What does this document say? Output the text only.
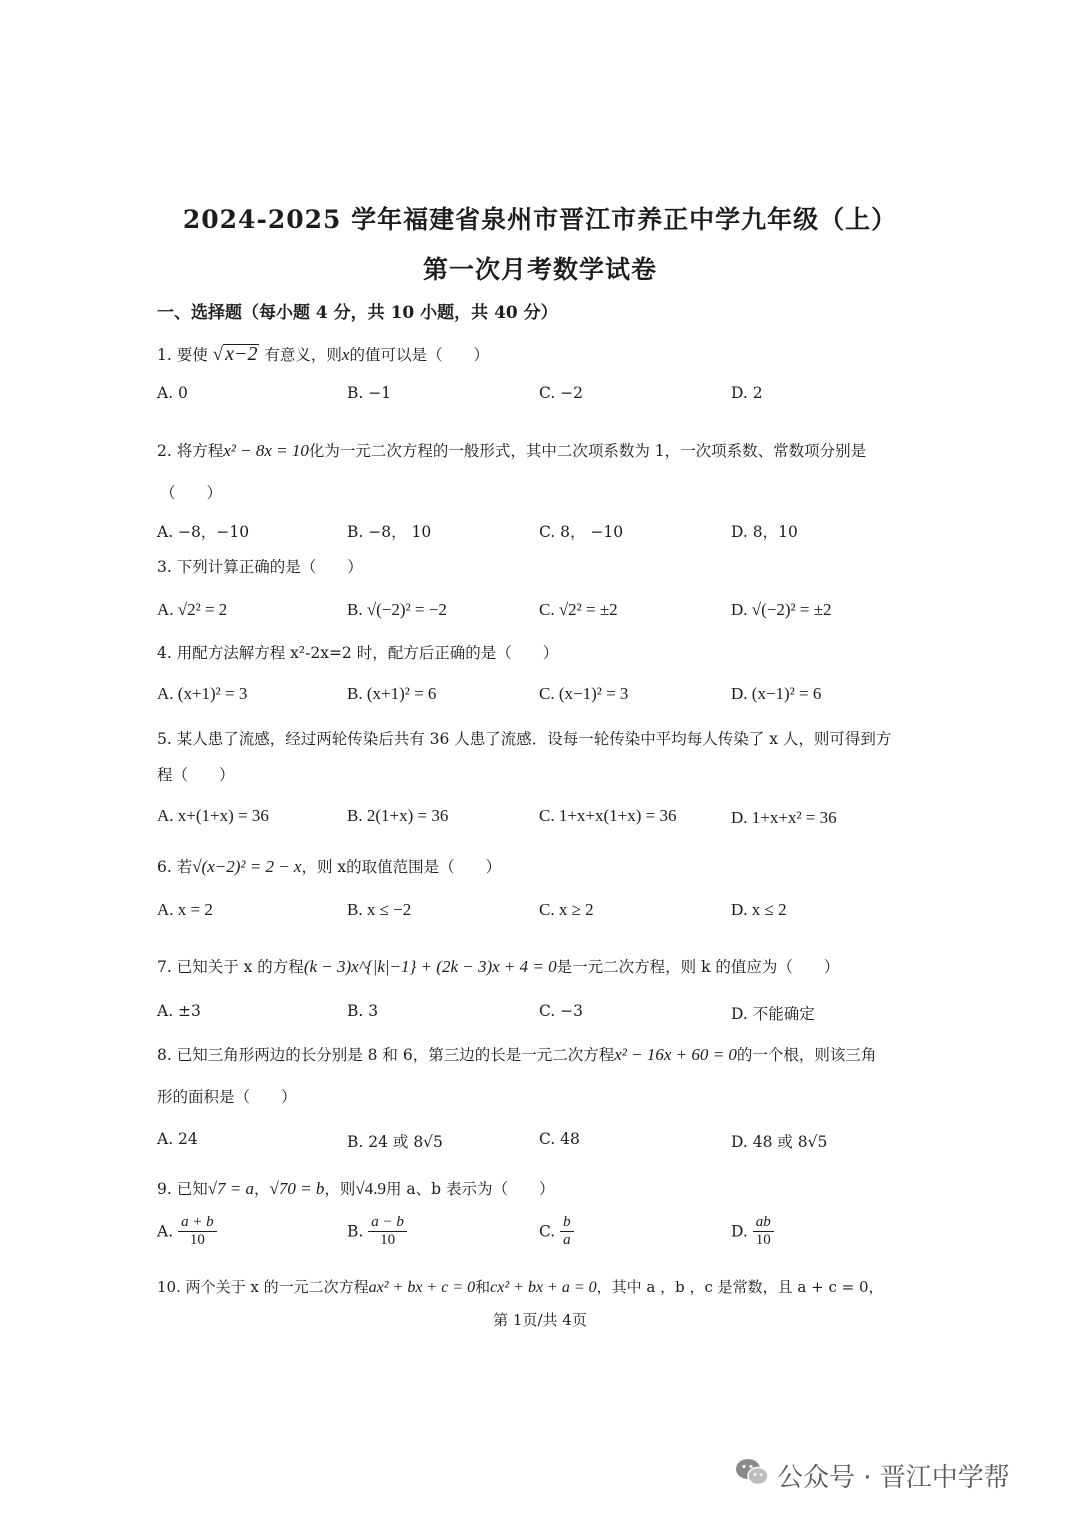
2024-2025 学年福建省泉州市晋江市养正中学九年级（上）
第一次月考数学试卷
一、选择题（每小题 4 分，共 10 小题，共 40 分）
1. 要使 √ x−2 有意义，则x的值可以是（　　）
A. 0	B. −1	C. −2	D. 2
2. 将方程x² − 8x = 10化为一元二次方程的一般形式，其中二次项系数为 1，一次项系数、常数项分别是
（　　）
A. −8，−10	B. −8， 10	C. 8， −10	D. 8，10
3. 下列计算正确的是（　　）
A. √2² = 2	B. √(−2)² = −2	C. √2² = ±2	D. √(−2)² = ±2
4. 用配方法解方程 x²-2x=2 时，配方后正确的是（　　）
A. (x+1)² = 3	B. (x+1)² = 6	C. (x−1)² = 3	D. (x−1)² = 6
5. 某人患了流感，经过两轮传染后共有 36 人患了流感．设每一轮传染中平均每人传染了 x 人，则可得到方
程（　　）
A. x+(1+x) = 36	B. 2(1+x) = 36	C. 1+x+x(1+x) = 36	D. 1+x+x² = 36
6. 若√(x−2)² = 2 − x，则 x的取值范围是（　　）
A. x = 2	B. x ≤ −2	C. x ≥ 2	D. x ≤ 2
7. 已知关于 x 的方程(k − 3)x^{|k|−1} + (2k − 3)x + 4 = 0是一元二次方程，则 k 的值应为（　　）
A. ±3	B. 3	C. −3	D. 不能确定
8. 已知三角形两边的长分别是 8 和 6，第三边的长是一元二次方程x² − 16x + 60 = 0的一个根，则该三角
形的面积是（　　）
A. 24	B. 24 或 8√5	C. 48	D. 48 或 8√5
9. 已知√7 = a，√70 = b，则√4.9用 a、b 表示为（　　）
A. $\frac{a + b}{10}$	B. $\frac{a - b}{10}$	C. $\frac{b}{a}$	D. $\frac{ab}{10}$
10. 两个关于 x 的一元二次方程ax² + bx + c = 0和cx² + bx + a = 0，其中 a ，b ，c 是常数，且 a + c = 0，
第 1页/共 4页
公众号 · 晋江中学帮
